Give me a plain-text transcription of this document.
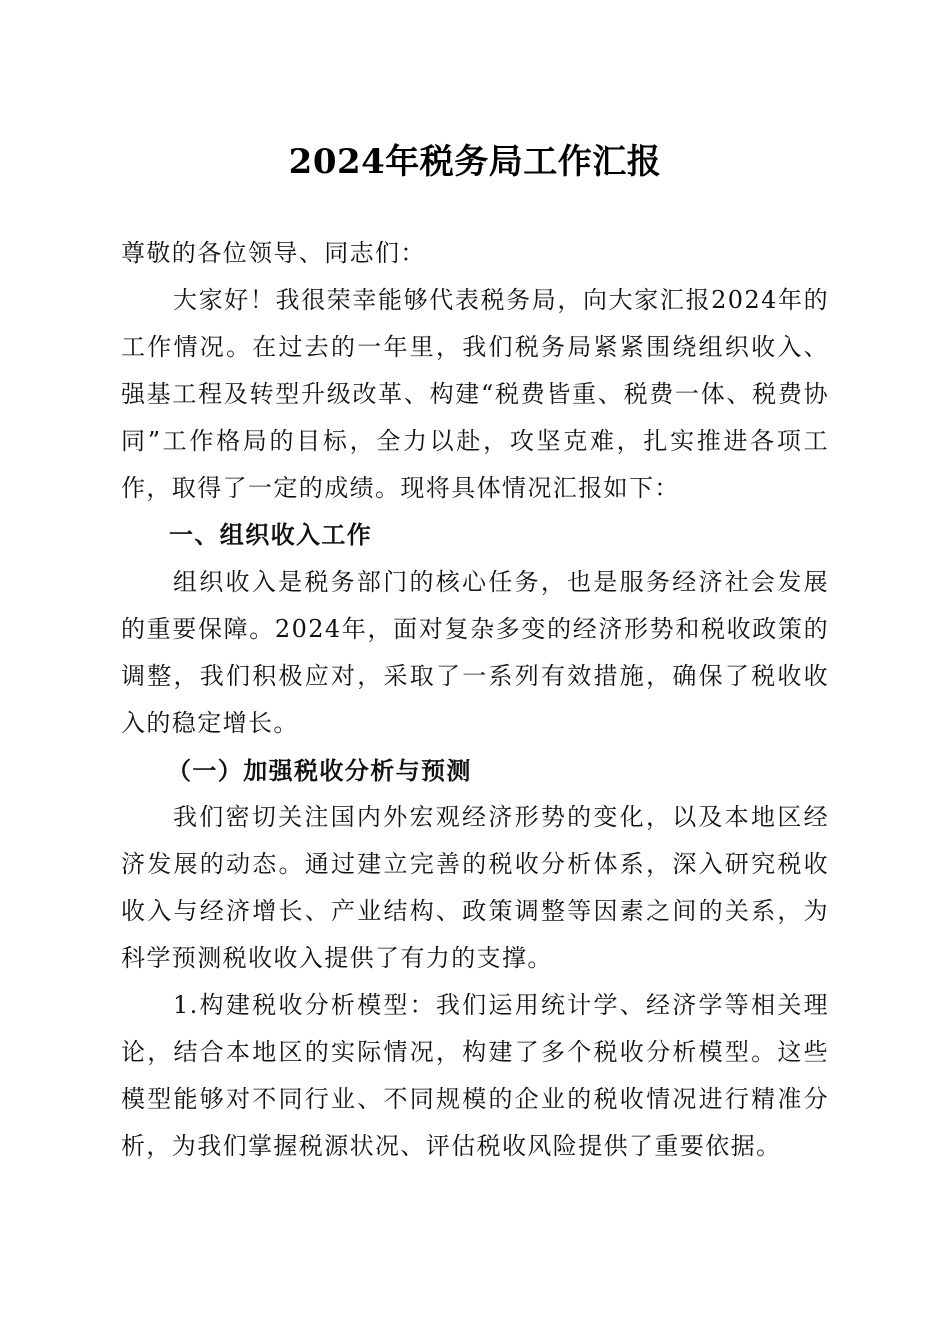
2024年税务局工作汇报

尊敬的各位领导、同志们：

大家好！我很荣幸能够代表税务局，向大家汇报2024年的工作情况。在过去的一年里，我们税务局紧紧围绕组织收入、强基工程及转型升级改革、构建“税费皆重、税费一体、税费协同”工作格局的目标，全力以赴，攻坚克难，扎实推进各项工作，取得了一定的成绩。现将具体情况汇报如下：

一、组织收入工作

组织收入是税务部门的核心任务，也是服务经济社会发展的重要保障。2024年，面对复杂多变的经济形势和税收政策的调整，我们积极应对，采取了一系列有效措施，确保了税收收入的稳定增长。

（一）加强税收分析与预测

我们密切关注国内外宏观经济形势的变化，以及本地区经济发展的动态。通过建立完善的税收分析体系，深入研究税收收入与经济增长、产业结构、政策调整等因素之间的关系，为科学预测税收收入提供了有力的支撑。

1.构建税收分析模型：我们运用统计学、经济学等相关理论，结合本地区的实际情况，构建了多个税收分析模型。这些模型能够对不同行业、不同规模的企业的税收情况进行精准分析，为我们掌握税源状况、评估税收风险提供了重要依据。
